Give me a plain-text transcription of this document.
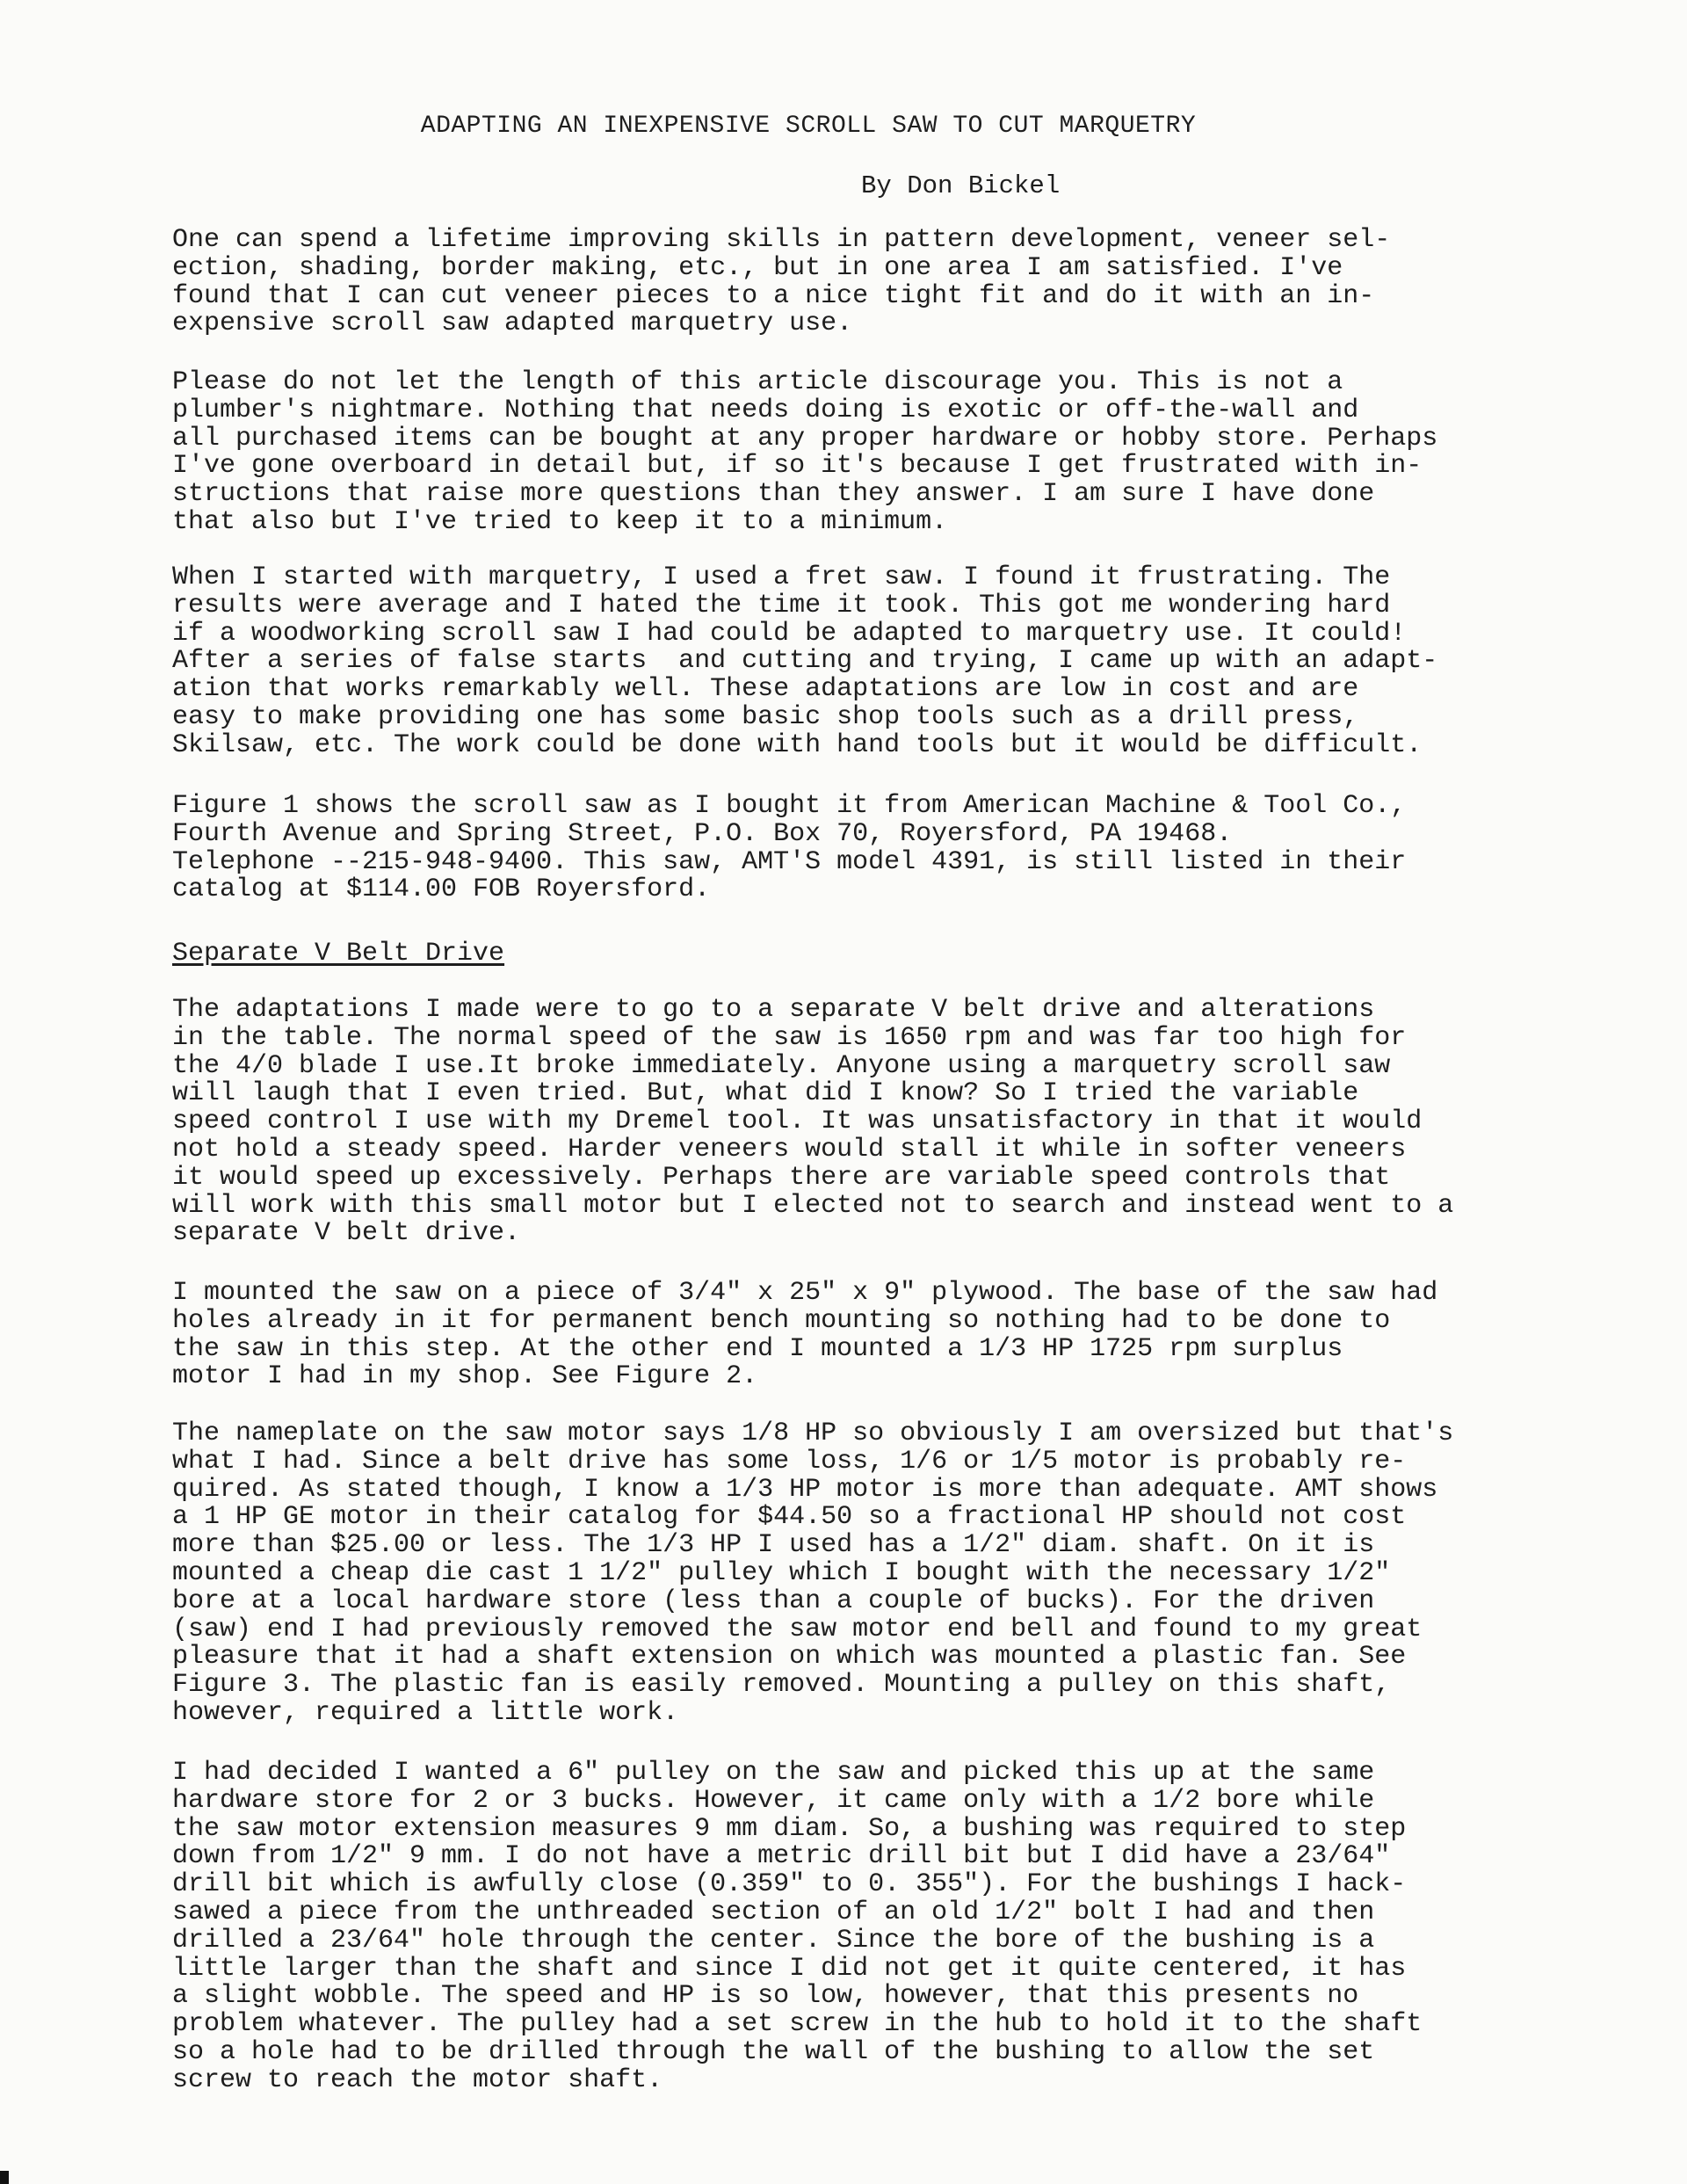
ADAPTING AN INEXPENSIVE SCROLL SAW TO CUT MARQUETRY
By Don Bickel

One can spend a lifetime improving skills in pattern development, veneer sel-
ection, shading, border making, etc., but in one area I am satisfied. I've
found that I can cut veneer pieces to a nice tight fit and do it with an in-
expensive scroll saw adapted marquetry use.

Please do not let the length of this article discourage you. This is not a
plumber's nightmare. Nothing that needs doing is exotic or off-the-wall and
all purchased items can be bought at any proper hardware or hobby store. Perhaps
I've gone overboard in detail but, if so it's because I get frustrated with in-
structions that raise more questions than they answer. I am sure I have done
that also but I've tried to keep it to a minimum.

When I started with marquetry, I used a fret saw. I found it frustrating. The
results were average and I hated the time it took. This got me wondering hard
if a woodworking scroll saw I had could be adapted to marquetry use. It could!
After a series of false starts  and cutting and trying, I came up with an adapt-
ation that works remarkably well. These adaptations are low in cost and are
easy to make providing one has some basic shop tools such as a drill press,
Skilsaw, etc. The work could be done with hand tools but it would be difficult.

Figure 1 shows the scroll saw as I bought it from American Machine & Tool Co.,
Fourth Avenue and Spring Street, P.O. Box 70, Royersford, PA 19468.
Telephone --215-948-9400. This saw, AMT'S model 4391, is still listed in their
catalog at $114.00 FOB Royersford.

Separate V Belt Drive

The adaptations I made were to go to a separate V belt drive and alterations
in the table. The normal speed of the saw is 1650 rpm and was far too high for
the 4/0 blade I use.It broke immediately. Anyone using a marquetry scroll saw
will laugh that I even tried. But, what did I know? So I tried the variable
speed control I use with my Dremel tool. It was unsatisfactory in that it would
not hold a steady speed. Harder veneers would stall it while in softer veneers
it would speed up excessively. Perhaps there are variable speed controls that
will work with this small motor but I elected not to search and instead went to a
separate V belt drive.

I mounted the saw on a piece of 3/4" x 25" x 9" plywood. The base of the saw had
holes already in it for permanent bench mounting so nothing had to be done to
the saw in this step. At the other end I mounted a 1/3 HP 1725 rpm surplus
motor I had in my shop. See Figure 2.

The nameplate on the saw motor says 1/8 HP so obviously I am oversized but that's
what I had. Since a belt drive has some loss, 1/6 or 1/5 motor is probably re-
quired. As stated though, I know a 1/3 HP motor is more than adequate. AMT shows
a 1 HP GE motor in their catalog for $44.50 so a fractional HP should not cost
more than $25.00 or less. The 1/3 HP I used has a 1/2" diam. shaft. On it is
mounted a cheap die cast 1 1/2" pulley which I bought with the necessary 1/2"
bore at a local hardware store (less than a couple of bucks). For the driven
(saw) end I had previously removed the saw motor end bell and found to my great
pleasure that it had a shaft extension on which was mounted a plastic fan. See
Figure 3. The plastic fan is easily removed. Mounting a pulley on this shaft,
however, required a little work.

I had decided I wanted a 6" pulley on the saw and picked this up at the same
hardware store for 2 or 3 bucks. However, it came only with a 1/2 bore while
the saw motor extension measures 9 mm diam. So, a bushing was required to step
down from 1/2" 9 mm. I do not have a metric drill bit but I did have a 23/64"
drill bit which is awfully close (0.359" to 0. 355"). For the bushings I hack-
sawed a piece from the unthreaded section of an old 1/2" bolt I had and then
drilled a 23/64" hole through the center. Since the bore of the bushing is a
little larger than the shaft and since I did not get it quite centered, it has
a slight wobble. The speed and HP is so low, however, that this presents no
problem whatever. The pulley had a set screw in the hub to hold it to the shaft
so a hole had to be drilled through the wall of the bushing to allow the set
screw to reach the motor shaft.
